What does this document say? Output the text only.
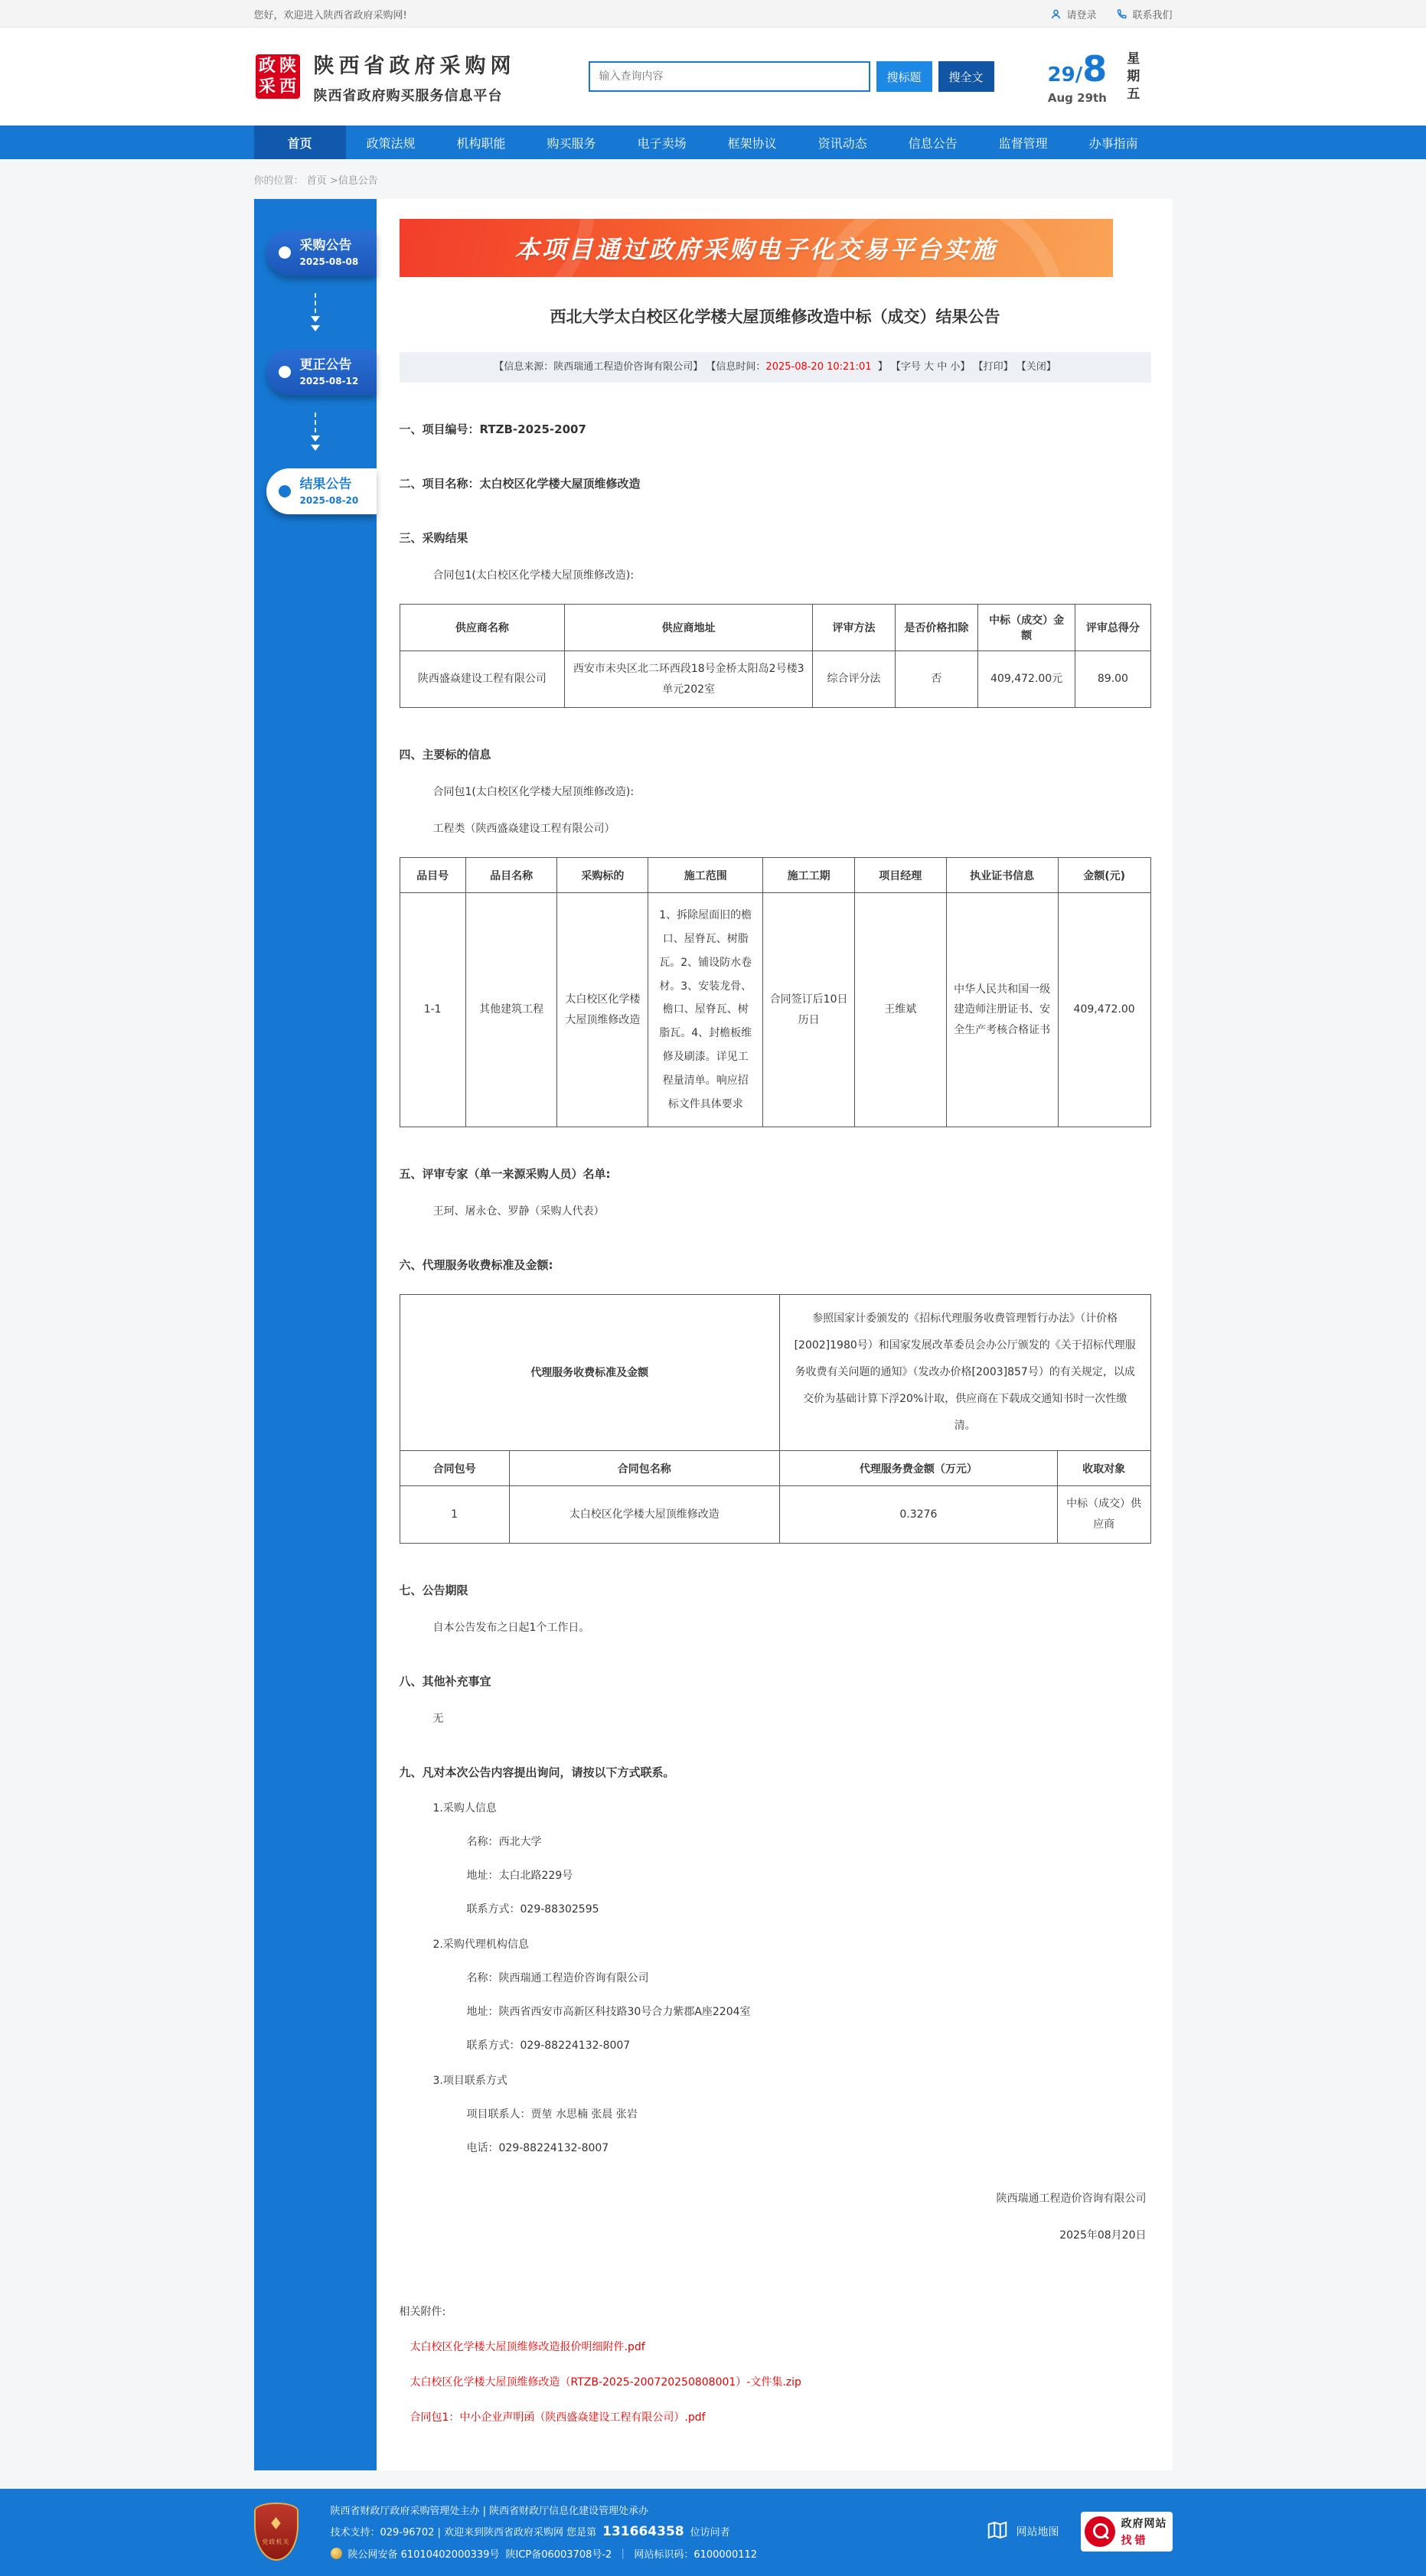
您好，欢迎进入陕西省政府采购网!	请登录	联系我们
政 陕
采 西
陕西省政府采购网
陕西省政府购买服务信息平台
输入查询内容
搜标题	搜全文	29/8
Aug 29th
星
期
五
首页	政策法规	机构职能	购买服务	电子卖场	框架协议	资讯动态	信息公告	监督管理	办事指南
你的位置： 首页 >信息公告
采购公告
2025-08-08
更正公告
2025-08-12
结果公告
2025-08-20
本项目通过政府采购电子化交易平台实施
西北大学太白校区化学楼大屋顶维修改造中标（成交）结果公告
【信息来源：陕西瑞通工程造价咨询有限公司】 【信息时间：2025-08-20 10:21:01 】 【字号 大 中 小】 【打印】 【关闭】
一、项目编号：RTZB-2025-2007
二、项目名称：太白校区化学楼大屋顶维修改造
三、采购结果
合同包1(太白校区化学楼大屋顶维修改造):
供应商名称	供应商地址	评审方法	是否价格扣除	中标（成交）金额	评审总得分
陕西盛焱建设工程有限公司	西安市未央区北二环西段18号金桥太阳岛2号楼3单元202室	综合评分法	否	409,472.00元	89.00
四、主要标的信息
合同包1(太白校区化学楼大屋顶维修改造):
工程类（陕西盛焱建设工程有限公司）
品目号	品目名称	采购标的	施工范围	施工工期	项目经理	执业证书信息	金额(元)
1-1	其他建筑工程	太白校区化学楼大屋顶维修改造	1、拆除屋面旧的檐口、屋脊瓦、树脂瓦。2、铺设防水卷材。3、安装龙骨、檐口、屋脊瓦、树脂瓦。4、封檐板维修及刷漆。详见工程量清单。响应招标文件具体要求	合同签订后10日历日	王维斌	中华人民共和国一级建造师注册证书、安全生产考核合格证书	409,472.00
五、评审专家（单一来源采购人员）名单:
王珂、屠永仓、罗静（采购人代表）
六、代理服务收费标准及金额:
代理服务收费标准及金额		参照国家计委颁发的《招标代理服务收费管理暂行办法》（计价格[2002]1980号）和国家发展改革委员会办公厅颁发的《关于招标代理服务收费有关问题的通知》（发改办价格[2003]857号）的有关规定，以成交价为基础计算下浮20%计取，供应商在下载成交通知书时一次性缴清。	
合同包号	合同包名称	代理服务费金额（万元）	收取对象
1	太白校区化学楼大屋顶维修改造	0.3276	中标（成交）供应商
七、公告期限
自本公告发布之日起1个工作日。
八、其他补充事宜
无
九、凡对本次公告内容提出询问，请按以下方式联系。
1.采购人信息
名称：西北大学
地址：太白北路229号
联系方式：029-88302595
2.采购代理机构信息
名称：陕西瑞通工程造价咨询有限公司
地址：陕西省西安市高新区科技路30号合力紫郡A座2204室
联系方式：029-88224132-8007
3.项目联系方式
项目联系人：贾堃 水思楠 张晨 张岩
电话：029-88224132-8007
陕西瑞通工程造价咨询有限公司
2025年08月20日
相关附件:
太白校区化学楼大屋顶维修改造报价明细附件.pdf
太白校区化学楼大屋顶维修改造（RTZB-2025-200720250808001）-文件集.zip
合同包1：中小企业声明函（陕西盛焱建设工程有限公司）.pdf
♦
党政机关
陕西省财政厅政府采购管理处主办 | 陕西省财政厅信息化建设管理处承办
技术支持：029-96702 | 欢迎来到陕西省政府采购网 您是第 131664358 位访问者
陕公网安备 61010402000339号 陕ICP备06003708号-2 ｜ 网站标识码：6100000112
网站地图
政府网站
找错
